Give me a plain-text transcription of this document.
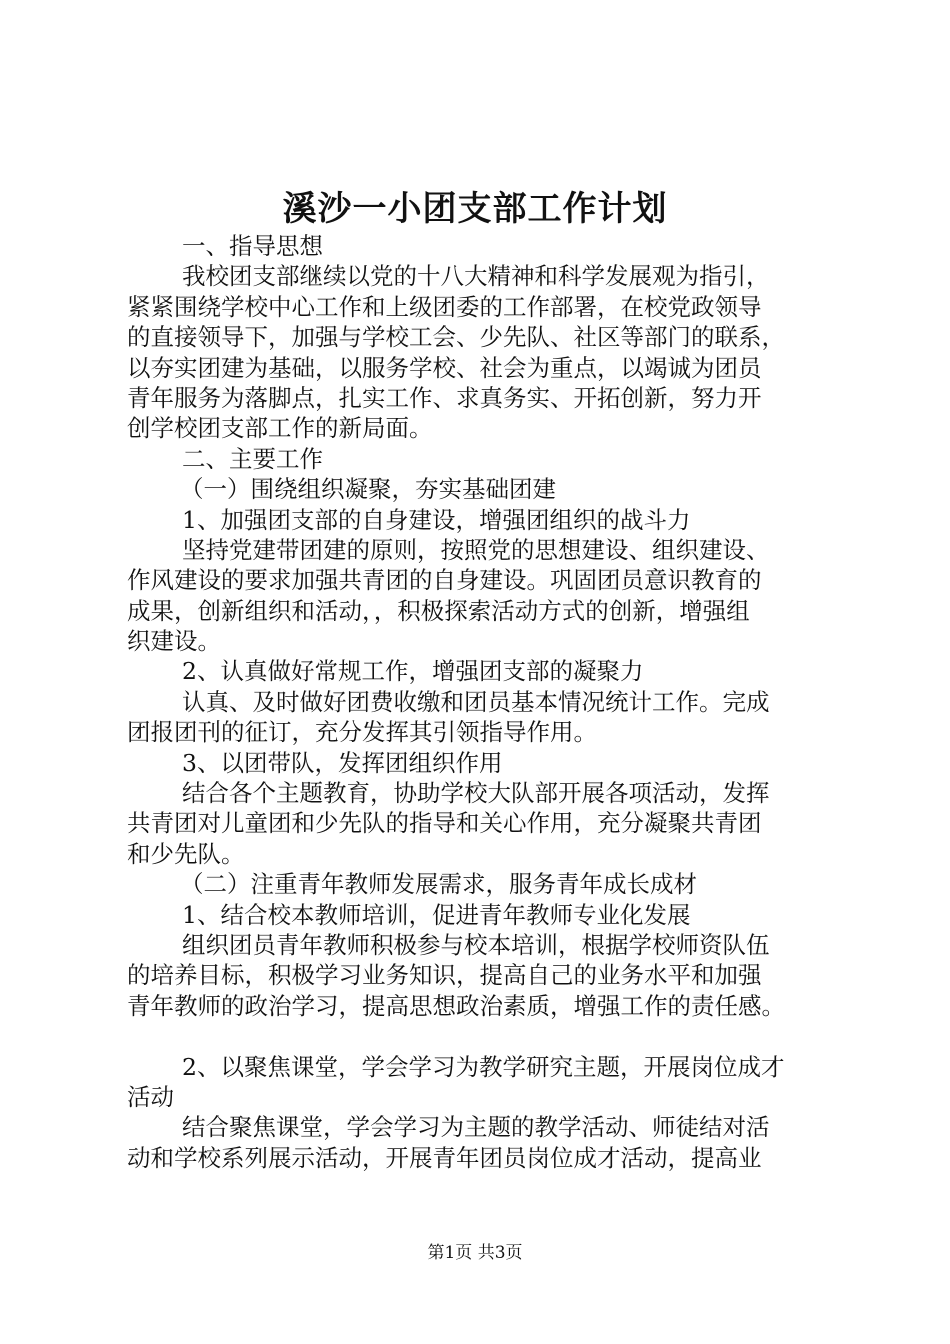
溪沙一小团支部工作计划
一、指导思想
我校团支部继续以党的十八大精神和科学发展观为指引，
紧紧围绕学校中心工作和上级团委的工作部署，在校党政领导
的直接领导下，加强与学校工会、少先队、社区等部门的联系，
以夯实团建为基础，以服务学校、社会为重点，以竭诚为团员
青年服务为落脚点，扎实工作、求真务实、开拓创新，努力开
创学校团支部工作的新局面。
二、主要工作
（一）围绕组织凝聚，夯实基础团建
1、加强团支部的自身建设，增强团组织的战斗力
坚持党建带团建的原则，按照党的思想建设、组织建设、
作风建设的要求加强共青团的自身建设。巩固团员意识教育的
成果，创新组织和活动，，积极探索活动方式的创新，增强组
织建设。
2、认真做好常规工作，增强团支部的凝聚力
认真、及时做好团费收缴和团员基本情况统计工作。完成
团报团刊的征订，充分发挥其引领指导作用。
3、以团带队，发挥团组织作用
结合各个主题教育，协助学校大队部开展各项活动，发挥
共青团对儿童团和少先队的指导和关心作用，充分凝聚共青团
和少先队。
（二）注重青年教师发展需求，服务青年成长成材
1、结合校本教师培训，促进青年教师专业化发展
组织团员青年教师积极参与校本培训，根据学校师资队伍
的培养目标，积极学习业务知识，提高自己的业务水平和加强
青年教师的政治学习，提高思想政治素质，增强工作的责任感。
2、以聚焦课堂，学会学习为教学研究主题，开展岗位成才
活动
结合聚焦课堂，学会学习为主题的教学活动、师徒结对活
动和学校系列展示活动，开展青年团员岗位成才活动，提高业
第1页 共3页
